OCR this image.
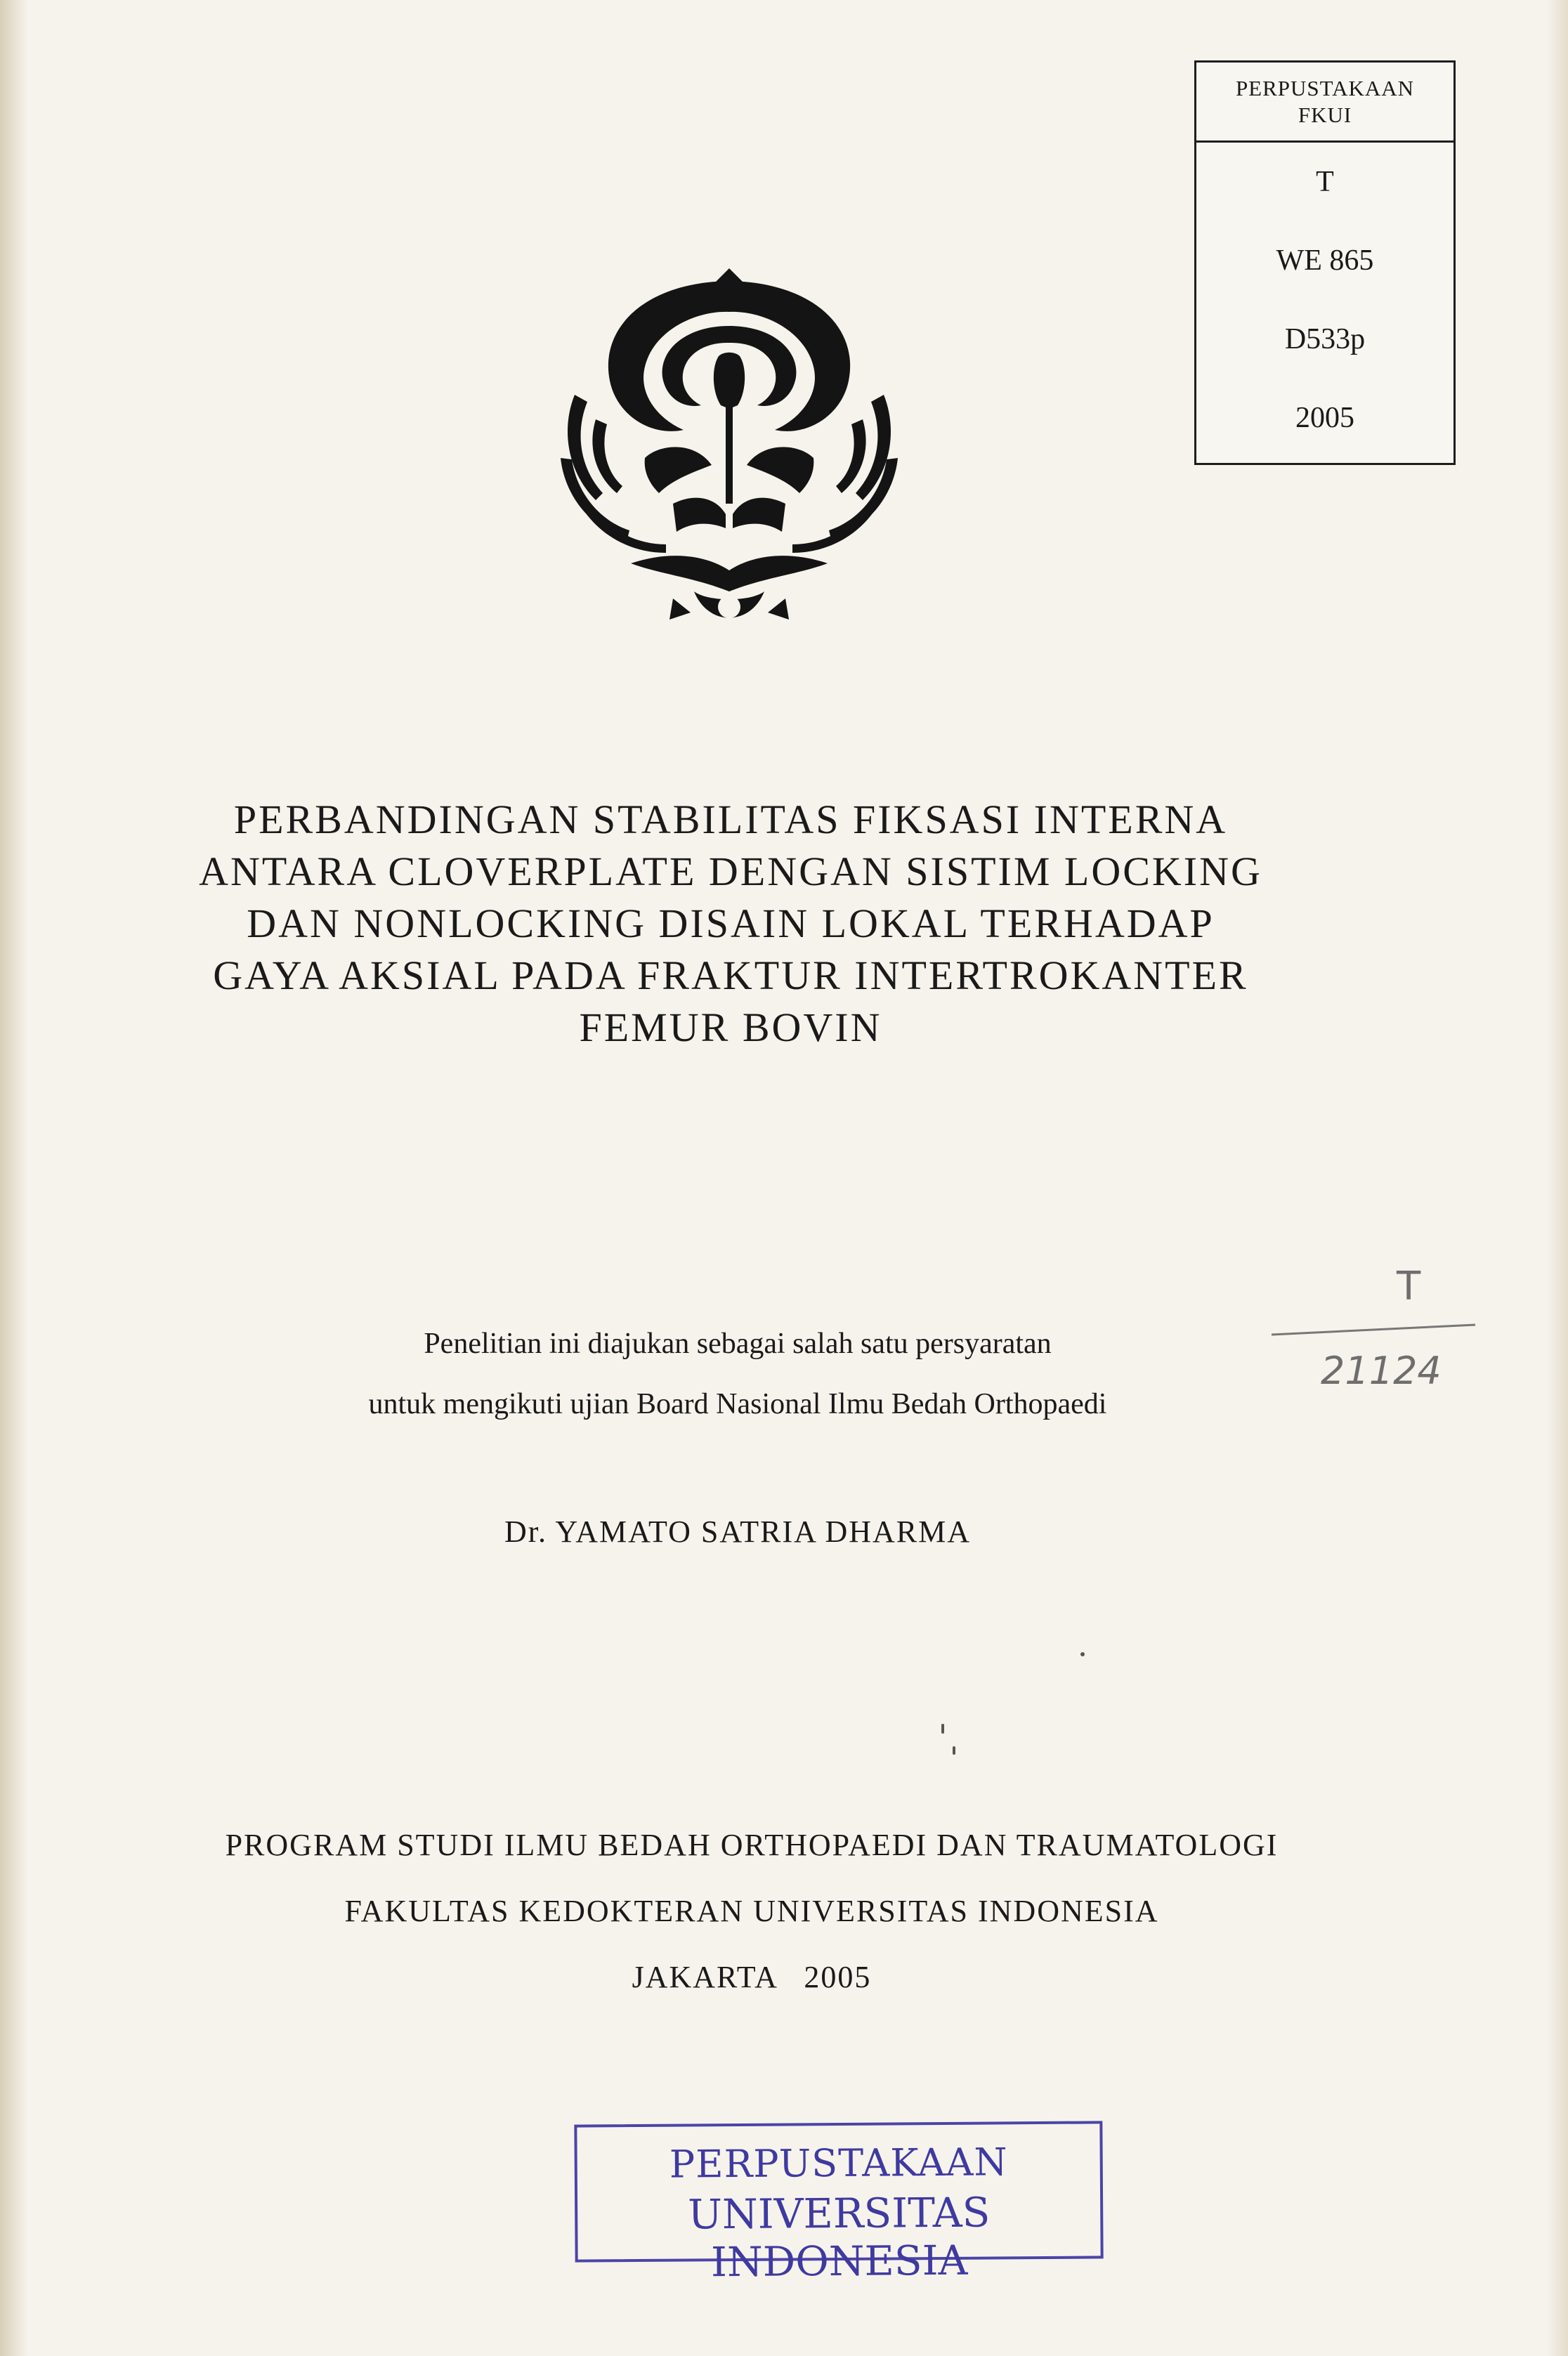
PERPUSTAKAAN
FKUI
T
WE 865
D533p
2005
PERBANDINGAN STABILITAS FIKSASI INTERNA
ANTARA CLOVERPLATE DENGAN SISTIM LOCKING
DAN NONLOCKING DISAIN LOKAL TERHADAP
GAYA AKSIAL PADA FRAKTUR INTERTROKANTER
FEMUR BOVIN
Penelitian ini diajukan sebagai salah satu persyaratan
untuk mengikuti ujian Board Nasional Ilmu Bedah Orthopaedi
T
21124
Dr. YAMATO SATRIA DHARMA
PROGRAM STUDI ILMU BEDAH ORTHOPAEDI DAN TRAUMATOLOGI
FAKULTAS KEDOKTERAN UNIVERSITAS INDONESIA
JAKARTA   2005
PERPUSTAKAAN
UNIVERSITAS INDONESIA
